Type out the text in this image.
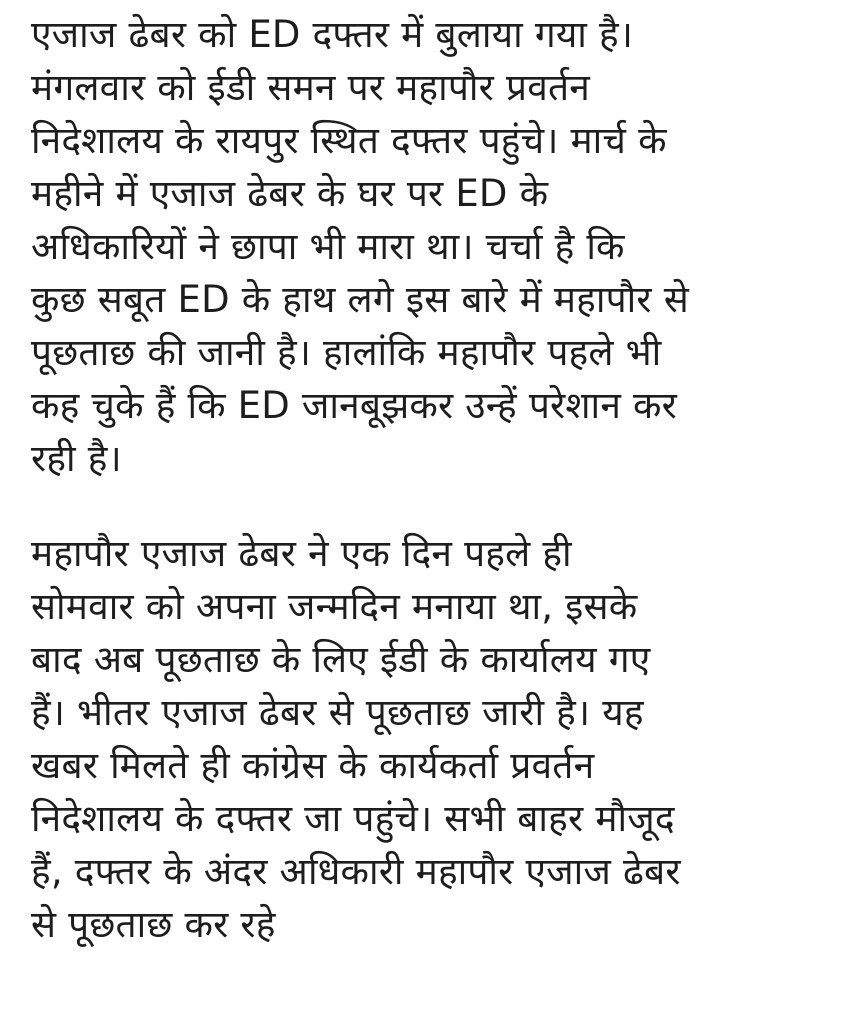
एजाज ढेबर को ED दफ्तर में बुलाया गया है।
मंगलवार को ईडी समन पर महापौर प्रवर्तन
निदेशालय के रायपुर स्थित दफ्तर पहुंचे। मार्च के
महीने में एजाज ढेबर के घर पर ED के
अधिकारियों ने छापा भी मारा था। चर्चा है कि
कुछ सबूत ED के हाथ लगे इस बारे में महापौर से
पूछताछ की जानी है। हालांकि महापौर पहले भी
कह चुके हैं कि ED जानबूझकर उन्हें परेशान कर
रही है।
महापौर एजाज ढेबर ने एक दिन पहले ही
सोमवार को अपना जन्मदिन मनाया था, इसके
बाद अब पूछताछ के लिए ईडी के कार्यालय गए
हैं। भीतर एजाज ढेबर से पूछताछ जारी है। यह
खबर मिलते ही कांग्रेस के कार्यकर्ता प्रवर्तन
निदेशालय के दफ्तर जा पहुंचे। सभी बाहर मौजूद
हैं, दफ्तर के अंदर अधिकारी महापौर एजाज ढेबर
से पूछताछ कर रहे
